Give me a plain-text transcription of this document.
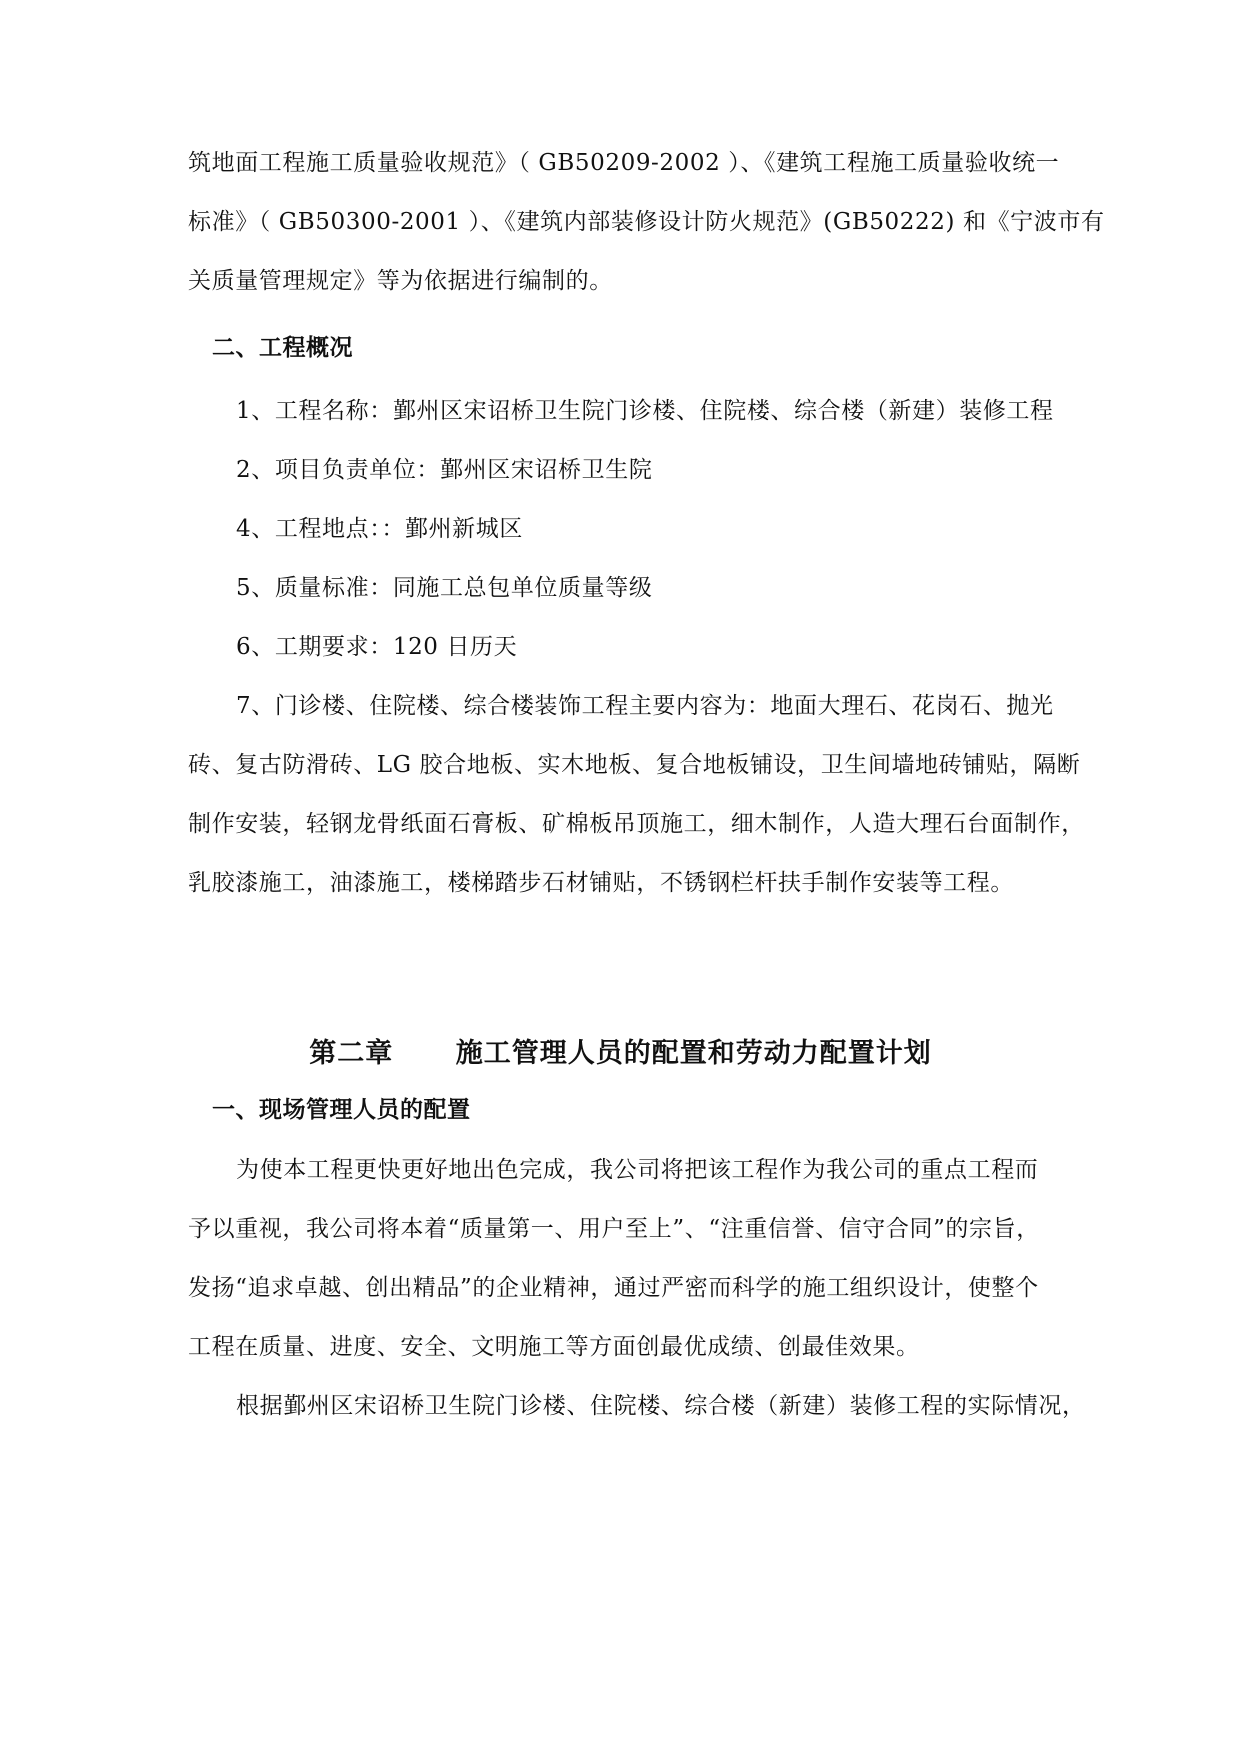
筑地面工程施工质量验收规范》（ GB50209-2002 ）、《建筑工程施工质量验收统一
标准》（ GB50300-2001 ）、《建筑内部装修设计防火规范》(GB50222) 和《宁波市有
关质量管理规定》等为依据进行编制的。
二、工程概况
1、工程名称：鄞州区宋诏桥卫生院门诊楼、住院楼、综合楼（新建）装修工程
2、项目负责单位：鄞州区宋诏桥卫生院
4、工程地点：：鄞州新城区
5、质量标准：同施工总包单位质量等级
6、工期要求：120 日历天
7、门诊楼、住院楼、综合楼装饰工程主要内容为：地面大理石、花岗石、抛光
砖、复古防滑砖、LG 胶合地板、实木地板、复合地板铺设，卫生间墙地砖铺贴，隔断
制作安装，轻钢龙骨纸面石膏板、矿棉板吊顶施工，细木制作，人造大理石台面制作，
乳胶漆施工，油漆施工，楼梯踏步石材铺贴，不锈钢栏杆扶手制作安装等工程。
第二章      施工管理人员的配置和劳动力配置计划
一、现场管理人员的配置
为使本工程更快更好地出色完成，我公司将把该工程作为我公司的重点工程而
予以重视，我公司将本着“质量第一、用户至上”、“注重信誉、信守合同”的宗旨，
发扬“追求卓越、创出精品”的企业精神，通过严密而科学的施工组织设计，使整个
工程在质量、进度、安全、文明施工等方面创最优成绩、创最佳效果。
根据鄞州区宋诏桥卫生院门诊楼、住院楼、综合楼（新建）装修工程的实际情况，
